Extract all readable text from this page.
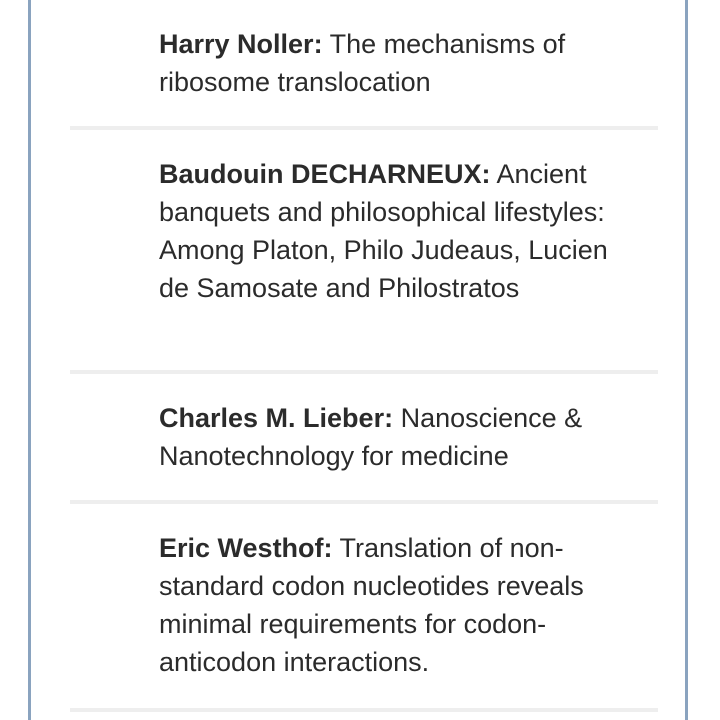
Harry Noller: The mechanisms of ribosome translocation
Baudouin DECHARNEUX: Ancient banquets and philosophical lifestyles: Among Platon, Philo Judeaus, Lucien de Samosate and Philostratos
Charles M. Lieber: Nanoscience & Nanotechnology for medicine
Eric Westhof: Translation of non-standard codon nucleotides reveals minimal requirements for codon-anticodon interactions.
